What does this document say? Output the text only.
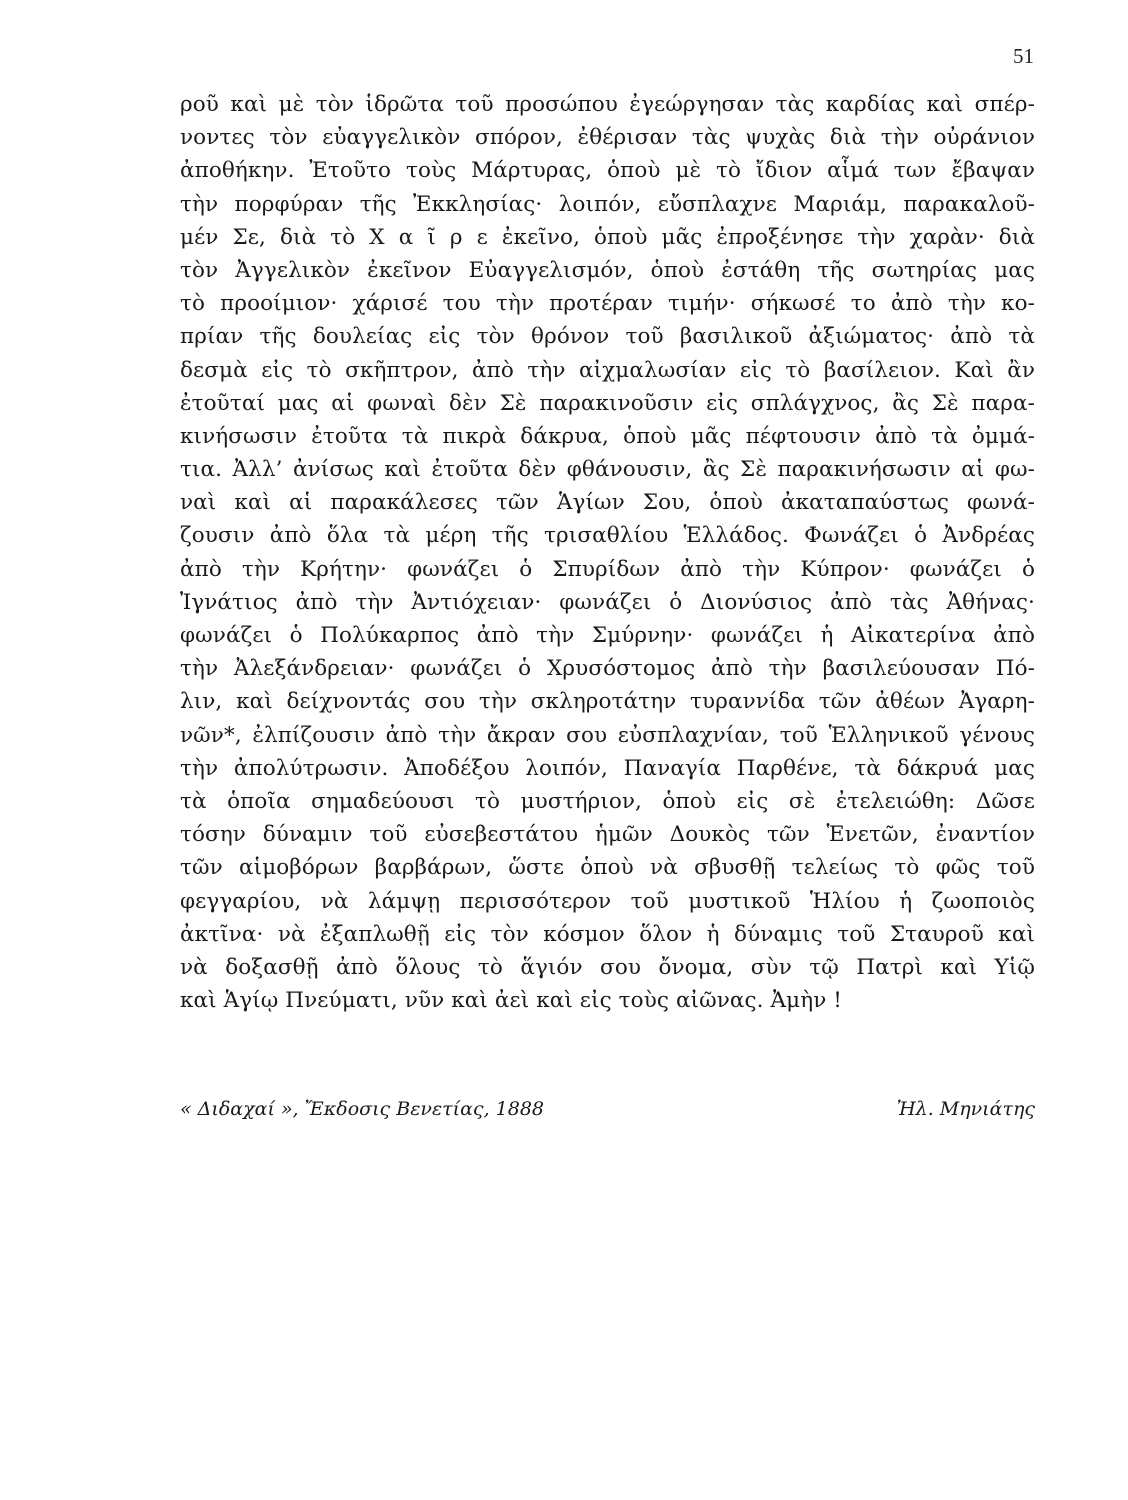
51
ροῦ καὶ μὲ τὸν ἱδρῶτα τοῦ προσώπου ἐγεώργησαν τὰς καρδίας καὶ σπέρ-
νοντες τὸν εὐαγγελικὸν σπόρον, ἐθέρισαν τὰς ψυχὰς διὰ τὴν οὐράνιον
ἀποθήκην. Ἐτοῦτο τοὺς Μάρτυρας, ὁποὺ μὲ τὸ ἴδιον αἷμά των ἔβαψαν
τὴν πορφύραν τῆς Ἐκκλησίας· λοιπόν, εὔσπλαχνε Μαριάμ, παρακαλοῦ-
μέν Σε, διὰ τὸ Χ α ῖ ρ ε ἐκεῖνο, ὁποὺ μᾶς ἐπροξένησε τὴν χαρὰν· διὰ
τὸν Ἀγγελικὸν ἐκεῖνον Εὐαγγελισμόν, ὁποὺ ἐστάθη τῆς σωτηρίας μας
τὸ προοίμιον· χάρισέ του τὴν προτέραν τιμήν· σήκωσέ το ἀπὸ τὴν κο-
πρίαν τῆς δουλείας εἰς τὸν θρόνον τοῦ βασιλικοῦ ἀξιώματος· ἀπὸ τὰ
δεσμὰ εἰς τὸ σκῆπτρον, ἀπὸ τὴν αἰχμαλωσίαν εἰς τὸ βασίλειον. Καὶ ἂν
ἐτοῦταί μας αἱ φωναὶ δὲν Σὲ παρακινοῦσιν εἰς σπλάγχνος, ἂς Σὲ παρα-
κινήσωσιν ἐτοῦτα τὰ πικρὰ δάκρυα, ὁποὺ μᾶς πέφτουσιν ἀπὸ τὰ ὀμμά-
τια. Ἀλλ’ ἀνίσως καὶ ἐτοῦτα δὲν φθάνουσιν, ἂς Σὲ παρακινήσωσιν αἱ φω-
ναὶ καὶ αἱ παρακάλεσες τῶν Ἁγίων Σου, ὁποὺ ἀκαταπαύστως φωνά-
ζουσιν ἀπὸ ὅλα τὰ μέρη τῆς τρισαθλίου Ἑλλάδος. Φωνάζει ὁ Ἀνδρέας
ἀπὸ τὴν Κρήτην· φωνάζει ὁ Σπυρίδων ἀπὸ τὴν Κύπρον· φωνάζει ὁ
Ἰγνάτιος ἀπὸ τὴν Ἀντιόχειαν· φωνάζει ὁ Διονύσιος ἀπὸ τὰς Ἀθήνας·
φωνάζει ὁ Πολύκαρπος ἀπὸ τὴν Σμύρνην· φωνάζει ἡ Αἰκατερίνα ἀπὸ
τὴν Ἀλεξάνδρειαν· φωνάζει ὁ Χρυσόστομος ἀπὸ τὴν βασιλεύουσαν Πό-
λιν, καὶ δείχνοντάς σου τὴν σκληροτάτην τυραννίδα τῶν ἀθέων Ἀγαρη-
νῶν*, ἐλπίζουσιν ἀπὸ τὴν ἄκραν σου εὐσπλαχνίαν, τοῦ Ἑλληνικοῦ γένους
τὴν ἀπολύτρωσιν. Ἀποδέξου λοιπόν, Παναγία Παρθένε, τὰ δάκρυά μας
τὰ ὁποῖα σημαδεύουσι τὸ μυστήριον, ὁποὺ εἰς σὲ ἐτελειώθη: Δῶσε
τόσην δύναμιν τοῦ εὐσεβεστάτου ἡμῶν Δουκὸς τῶν Ἑνετῶν, ἐναντίον
τῶν αἱμοβόρων βαρβάρων, ὥστε ὁποὺ νὰ σβυσθῇ τελείως τὸ φῶς τοῦ
φεγγαρίου, νὰ λάμψῃ περισσότερον τοῦ μυστικοῦ Ἡλίου ἡ ζωοποιὸς
ἀκτῖνα· νὰ ἐξαπλωθῇ εἰς τὸν κόσμον ὅλον ἡ δύναμις τοῦ Σταυροῦ καὶ
νὰ δοξασθῇ ἀπὸ ὅλους τὸ ἅγιόν σου ὄνομα, σὺν τῷ Πατρὶ καὶ Υἱῷ
καὶ Ἁγίῳ Πνεύματι, νῦν καὶ ἀεὶ καὶ εἰς τοὺς αἰῶνας. Ἀμὴν !
« Διδαχαί », Ἔκδοσις Βενετίας, 1888	Ἠλ. Μηνιάτης
